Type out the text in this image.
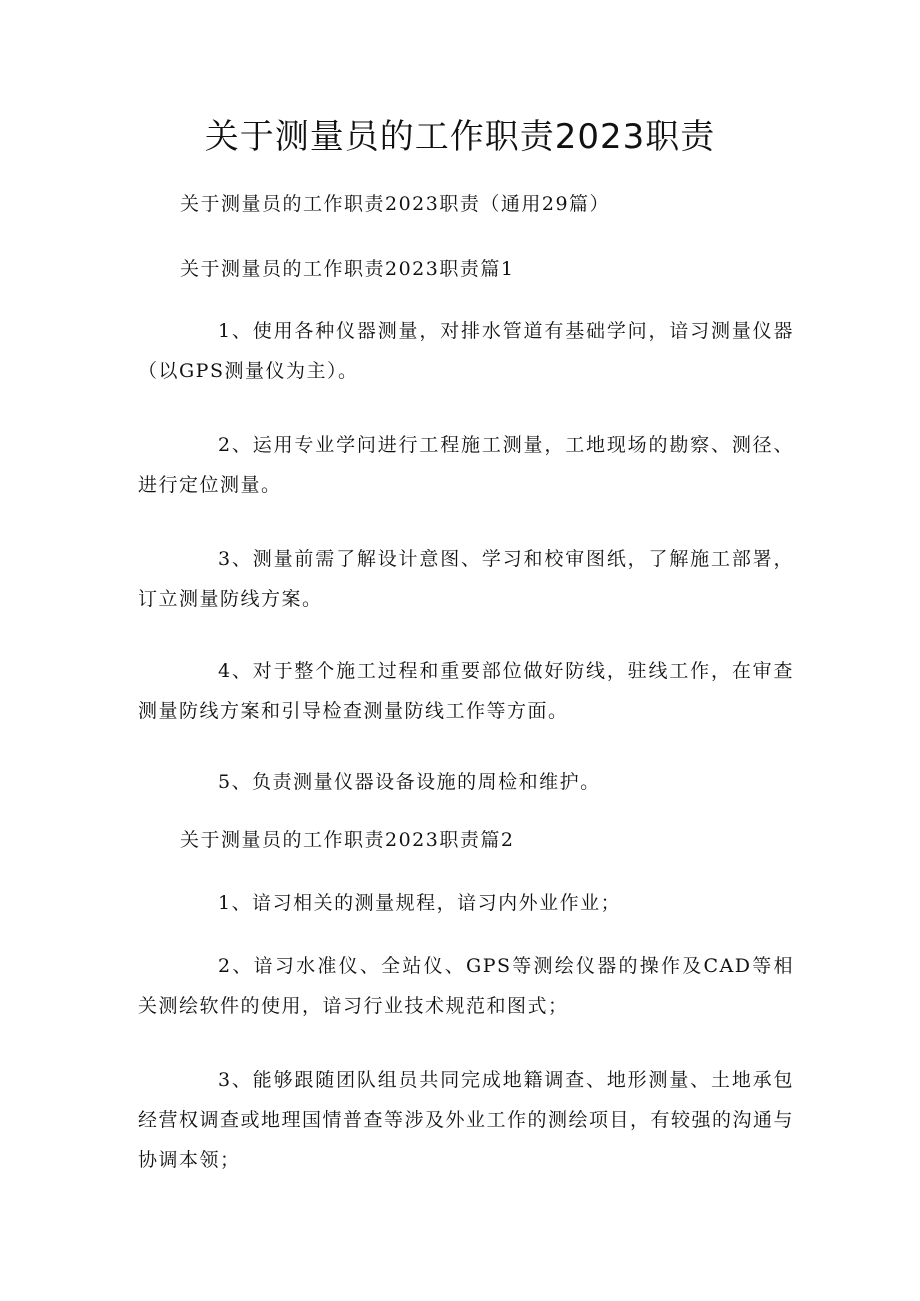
关于测量员的工作职责2023职责

关于测量员的工作职责2023职责（通用29篇）

关于测量员的工作职责2023职责篇1

1、使用各种仪器测量，对排水管道有基础学问，谙习测量仪器（以GPS测量仪为主）。

2、运用专业学问进行工程施工测量，工地现场的勘察、测径、进行定位测量。

3、测量前需了解设计意图、学习和校审图纸，了解施工部署，订立测量防线方案。

4、对于整个施工过程和重要部位做好防线，驻线工作，在审查测量防线方案和引导检查测量防线工作等方面。

5、负责测量仪器设备设施的周检和维护。

关于测量员的工作职责2023职责篇2

1、谙习相关的测量规程，谙习内外业作业；

2、谙习水准仪、全站仪、GPS等测绘仪器的操作及CAD等相关测绘软件的使用，谙习行业技术规范和图式；

3、能够跟随团队组员共同完成地籍调查、地形测量、土地承包经营权调查或地理国情普查等涉及外业工作的测绘项目，有较强的沟通与协调本领；
